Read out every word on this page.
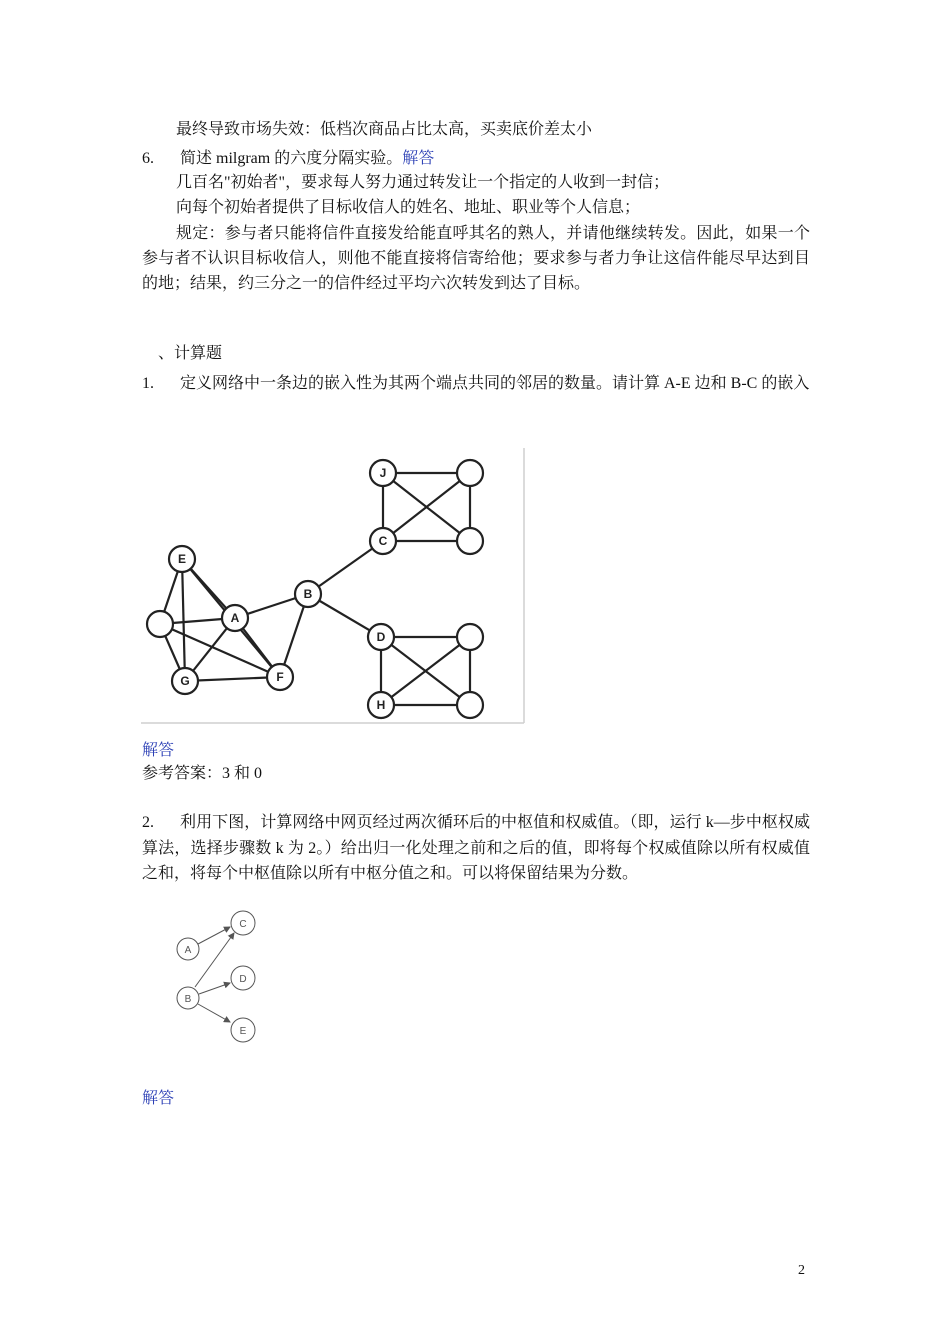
最终导致市场失效：低档次商品占比太高，买卖底价差太小
6. 简述 milgram 的六度分隔实验。解答
几百名"初始者"，要求每人努力通过转发让一个指定的人收到一封信；
向每个初始者提供了目标收信人的姓名、地址、职业等个人信息；
规定：参与者只能将信件直接发给能直呼其名的熟人，并请他继续转发。因此，如果一个参与者不认识目标收信人，则他不能直接将信寄给他；要求参与者力争让这信件能尽早达到目的地；结果，约三分之一的信件经过平均六次转发到达了目标。
、计算题
1. 定义网络中一条边的嵌入性为其两个端点共同的邻居的数量。请计算 A-E 边和 B-C 的嵌入
J
C
E
B
A
D
G	F
H
解答
参考答案：3 和 0
2. 利用下图，计算网络中网页经过两次循环后的中枢值和权威值。（即，运行 k—步中枢权威算法，选择步骤数 k 为 2。）给出归一化处理之前和之后的值，即将每个权威值除以所有权威值之和，将每个中枢值除以所有中枢分值之和。可以将保留结果为分数。
A
B
C
D
E
解答
2
